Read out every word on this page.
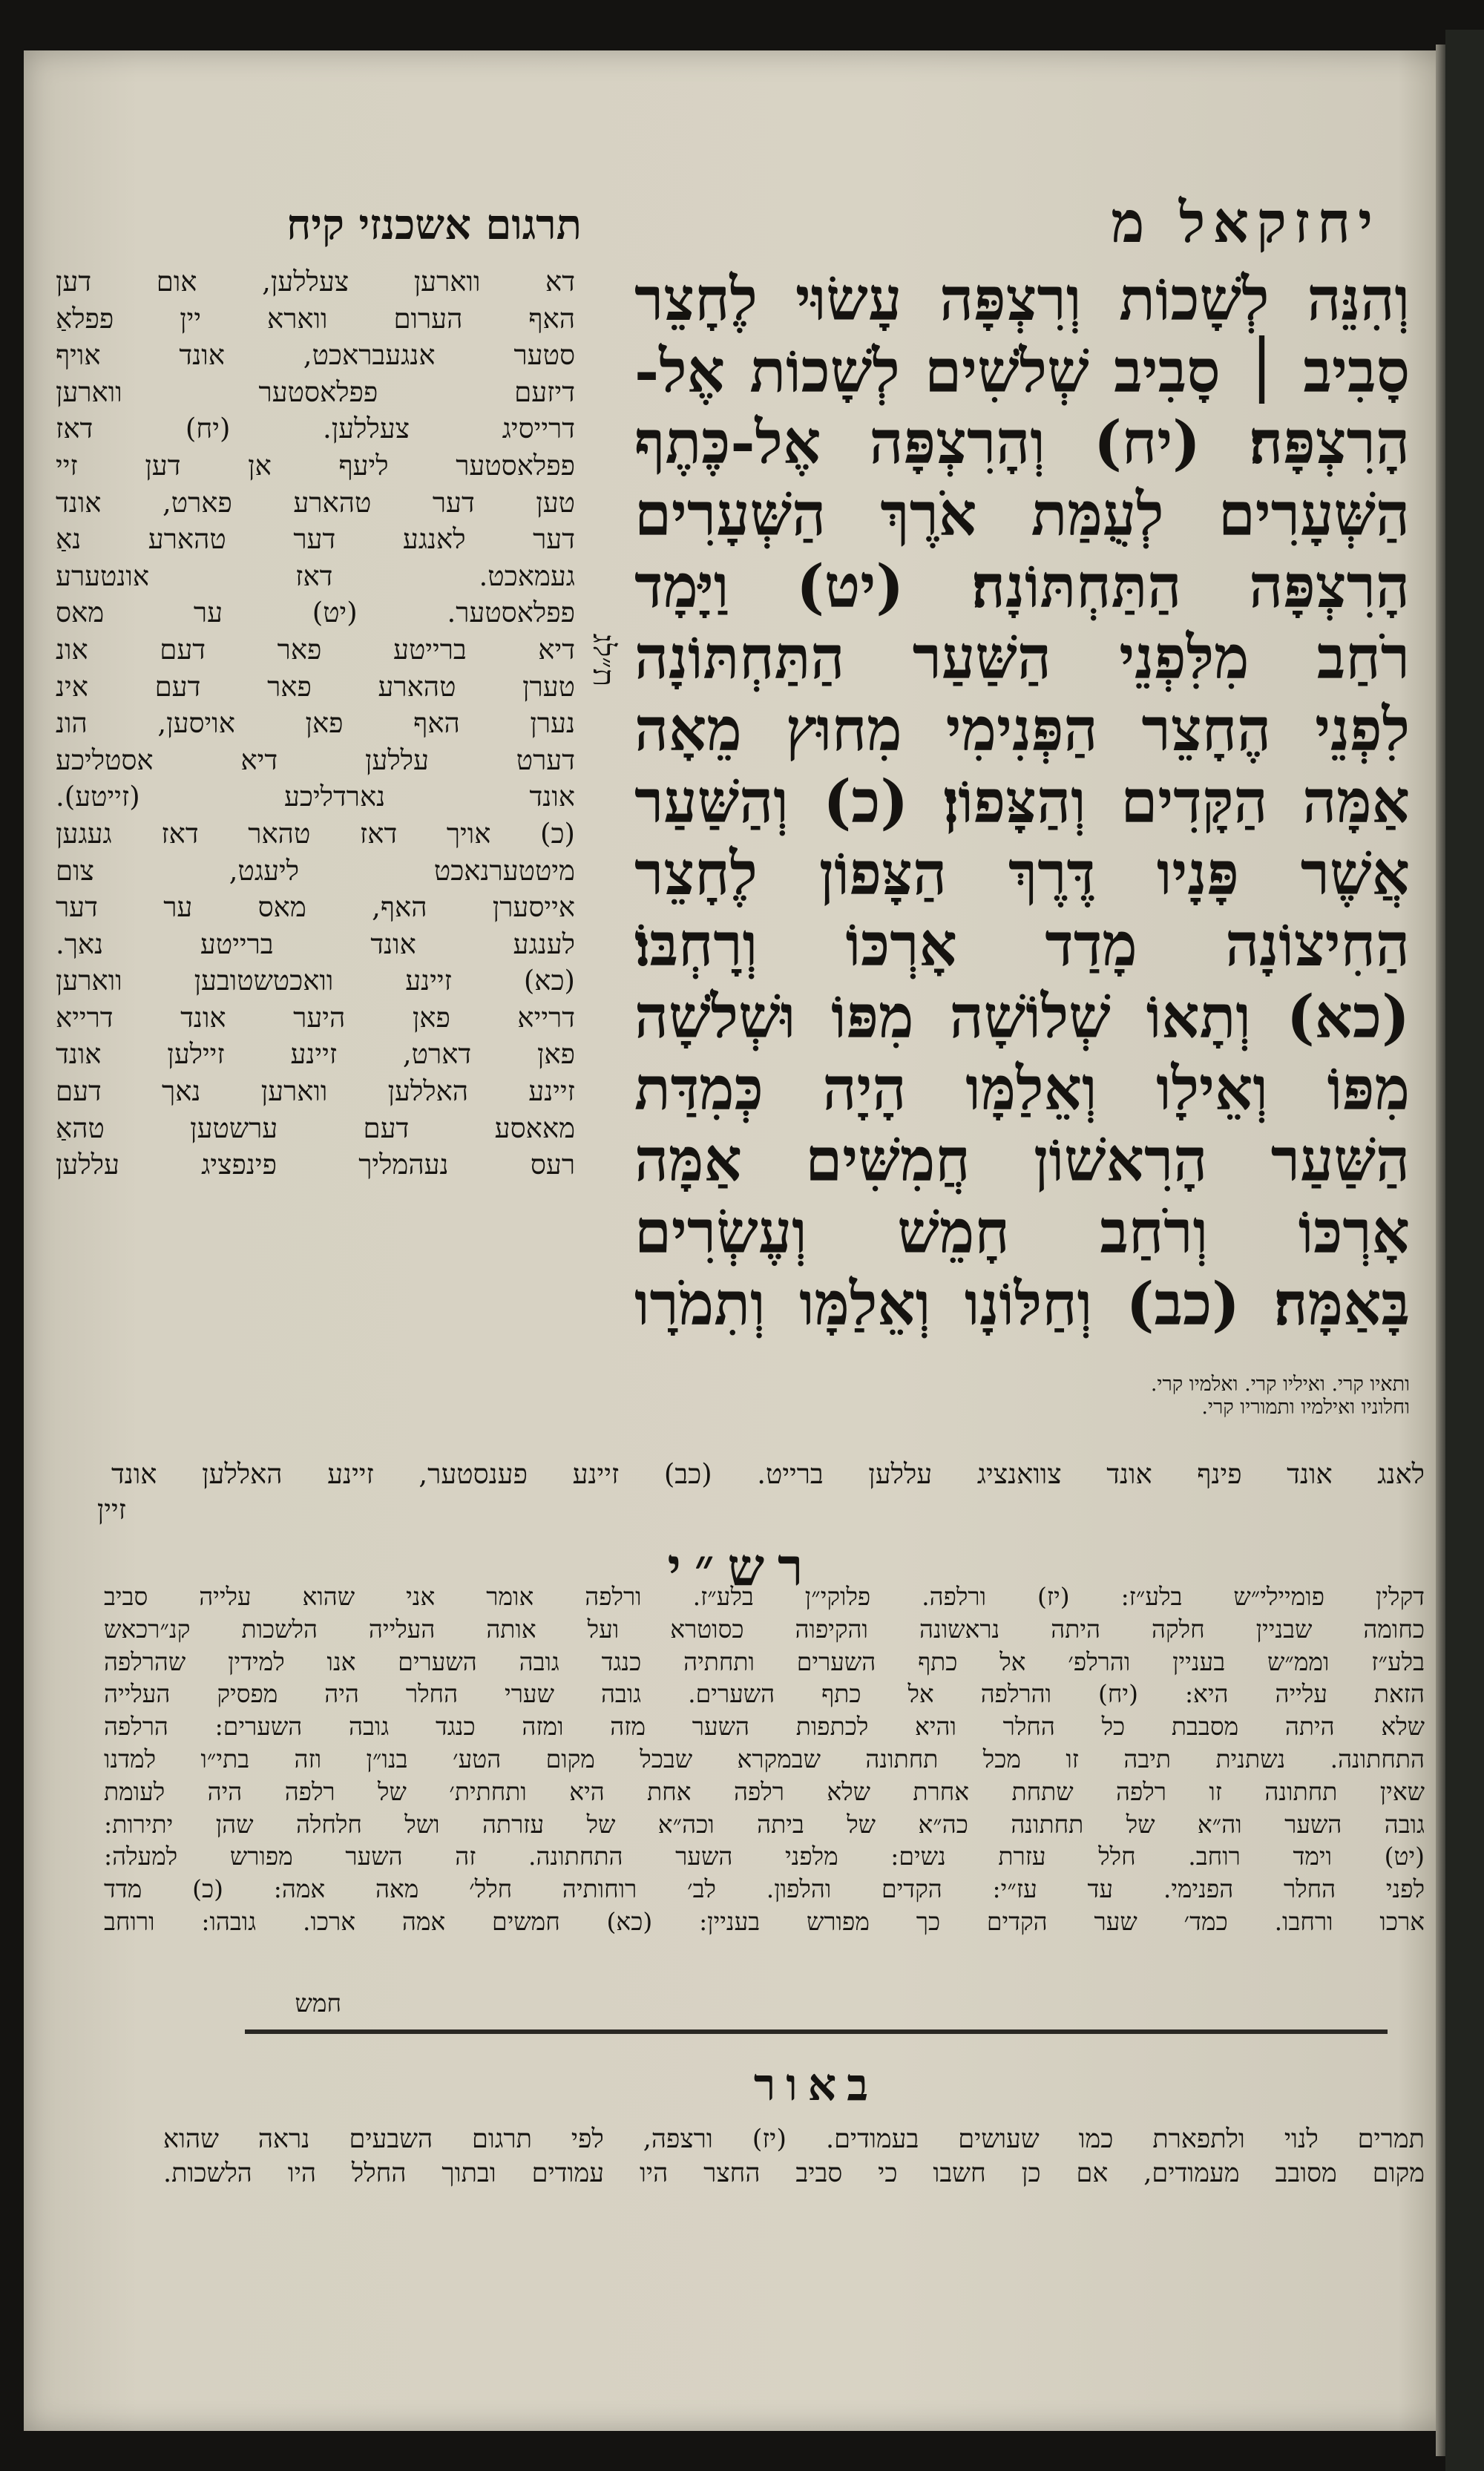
יחזקאל מ
תרגום אשכנזי קיח
וְהִנֵּה לְשָׁכוֹת וְרִצְפָּה עָשׂוּי לֶחָצֵר
סָבִיב ׀ סָבִיב שְׁלֹשִׁים לְשָׁכוֹת אֶל-
הָרִצְפָּה׃ (יח) וְהָרִצְפָּה אֶל-כֶּתֶף
הַשְּׁעָרִים לְעֻמַּת אֹרֶךְ הַשְּׁעָרִים
הָרִצְפָּה הַתַּחְתּוֹנָה׃ (יט) וַיָּמָד
רֹחַב מִלִּפְנֵי הַשַּׁעַר הַתַּחְתּוֹנָה
לִפְנֵי הֶחָצֵר הַפְּנִימִי מִחוּץ מֵאָה
אַמָּה הַקָּדִים וְהַצָּפוֹן׃ (כ) וְהַשַּׁעַר
אֲשֶׁר פָּנָיו דֶּרֶךְ הַצָּפוֹן לֶחָצֵר
הַחִיצוֹנָה מָדַד אָרְכּוֹ וְרָחְבּוֹ׃
(כא) וְתָאוֹ שְׁלוֹשָׁה מִפּוֹ וּשְׁלֹשָׁה
מִפּוֹ וְאֵילָו וְאֵלַמָּו הָיָה כְּמִדַּת
הַשַּׁעַר הָרִאשׁוֹן חֲמִשִּׁים אַמָּה
אָרְכּוֹ וְרֹחַב חָמֵשׁ וְעֶשְׂרִים
בָּאַמָּה׃ (כב) וְחַלּוֹנָו וְאֵלַמָּו וְתִמֹרָו
דא ווארען צעללען, אום דען
האף הערום ווארא יין פפלאַ
סטער אנגעבראכט, אונד אויף
דיזעם פפלאסטער ווארען
דרייסיג צעללען. (יח) דאז
פפלאסטער ליעף אן דען זיי
טען דער טהארע פארט, אונד
דער לאנגע דער טהארע נאַ
געמאכט. דאז אונטערע
פפלאסטער. (יט) ער מאס
דיא ברייטע פאר דעם אונ
טערן טהארע פאר דעם אינ
נערן האף פאן אויסען, הונ
דערט עללען דיא אסטליכע
אונד נארדליכע (זייטע).
(כ) אויך דאז טהאר דאז געגען
מיטטערנאכט ליעגט, צום
אייסערן האף, מאס ער דער
לענגע אונד ברייטע נאך.
(כא) זיינע וואכטשטובען ווארען
דרייא פאן היער אונד דרייא
פאן דארט, זיינע זיילען אונד
זיינע האללען ווארען נאך דעם
מאאסע דעם ערשטען טהאַ
רעס נעהמליך פינפציג עללען
ת״לג
ותאיו קרי. ואיליו קרי. ואלמיו קרי.
וחלוניו ואילמיו ותמוריו קרי.
לאנג אונד פינף אונד צוואנציג עללען ברייט. (כב) זיינע פענסטער, זיינע האללען אונד
זיין
רש״י
דקלין פומיילי״ש בלע״ז: (יז) ורלפה. פלוקי״ן בלע״ז. ורלפה אומר אני שהוא עלייה סביב
כחומה שבניין חלקה היתה נראשונה והקיפוה כסוטרא ועל אותה העלייה הלשכות קנ״רכאש
בלע״ז וממ״ש בעניין והרלפ׳ אל כתף השערים ותחתיה כנגד גובה השערים אנו למידין שהרלפה
הזאת עלייה היא: (יח) והרלפה אל כתף השערים. גובה שערי החלר היה מפסיק העלייה
שלא היתה מסבבת כל החלר והיא לכתפות השער מזה ומזה כנגד גובה השערים: הרלפה
התחתונה. נשתנית תיבה זו מכל תחתונה שבמקרא שבכל מקום הטע׳ בנו״ן וזה בתי״ו למדנו
שאין תחתונה זו רלפה שתחת אחרת שלא רלפה אחת היא ותחתית׳ של רלפה היה לעומת
גובה השער וה״א של תחתונה כה״א של ביתה וכה״א של עזרתה ושל חלחלה שהן יתירות:
(יט) וימד רוחב. חלל עזרת נשים: מלפני השער התחתונה. זה השער מפורש למעלה:
לפני החלר הפנימי. עד עז״י: הקדים והלפון. לב׳ רוחותיה חלל׳ מאה אמה: (כ) מדד
ארכו ורחבו. כמד׳ שער הקדים כך מפורש בעניין: (כא) חמשים אמה ארכו. גובהו: ורוחב
חמש
באור
תמרים לנוי ולתפארת כמו שעושים בעמודים. (יז) ורצפה, לפי תרגום השבעים נראה שהוא
מקום מסובב מעמודים, אם כן חשבו כי סביב החצר היו עמודים ובתוך החלל היו הלשכות.
